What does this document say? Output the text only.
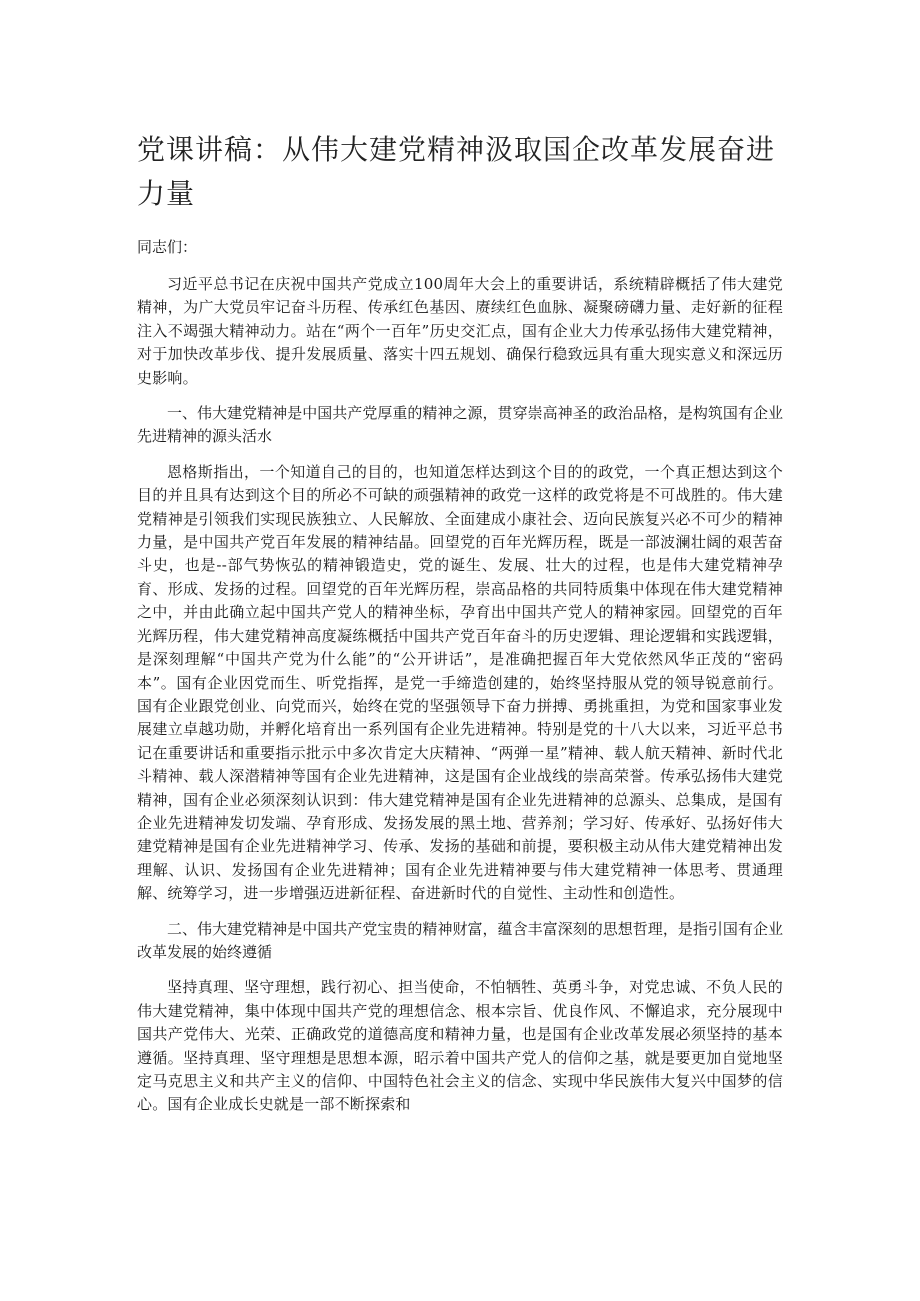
党课讲稿：从伟大建党精神汲取国企改革发展奋进力量

同志们：

习近平总书记在庆祝中国共产党成立100周年大会上的重要讲话，系统精辟概括了伟大建党精神，为广大党员牢记奋斗历程、传承红色基因、赓续红色血脉、凝聚磅礴力量、走好新的征程注入不竭强大精神动力。站在“两个一百年”历史交汇点，国有企业大力传承弘扬伟大建党精神，对于加快改革步伐、提升发展质量、落实十四五规划、确保行稳致远具有重大现实意义和深远历史影响。

一、伟大建党精神是中国共产党厚重的精神之源，贯穿崇高神圣的政治品格，是构筑国有企业先进精神的源头活水

恩格斯指出，一个知道自己的目的，也知道怎样达到这个目的的政党，一个真正想达到这个目的并且具有达到这个目的所必不可缺的顽强精神的政党一这样的政党将是不可战胜的。伟大建党精神是引领我们实现民族独立、人民解放、全面建成小康社会、迈向民族复兴必不可少的精神力量，是中国共产党百年发展的精神结晶。回望党的百年光辉历程，既是一部波澜壮阔的艰苦奋斗史，也是--部气势恢弘的精神锻造史，党的诞生、发展、壮大的过程，也是伟大建党精神孕育、形成、发扬的过程。回望党的百年光辉历程，崇高品格的共同特质集中体现在伟大建党精神之中，并由此确立起中国共产党人的精神坐标，孕育出中国共产党人的精神家园。回望党的百年光辉历程，伟大建党精神高度凝练概括中国共产党百年奋斗的历史逻辑、理论逻辑和实践逻辑，是深刻理解“中国共产党为什么能”的“公开讲话”，是准确把握百年大党依然风华正茂的“密码本”。国有企业因党而生、听党指挥，是党一手缔造创建的，始终坚持服从党的领导锐意前行。国有企业跟党创业、向党而兴，始终在党的坚强领导下奋力拼搏、勇挑重担，为党和国家事业发展建立卓越功勋，并孵化培育出一系列国有企业先进精神。特别是党的十八大以来，习近平总书记在重要讲话和重要指示批示中多次肯定大庆精神、“两弹一星”精神、载人航天精神、新时代北斗精神、载人深潜精神等国有企业先进精神，这是国有企业战线的崇高荣誉。传承弘扬伟大建党精神，国有企业必须深刻认识到：伟大建党精神是国有企业先进精神的总源头、总集成，是国有企业先进精神发切发端、孕育形成、发扬发展的黑土地、营养剂；学习好、传承好、弘扬好伟大建党精神是国有企业先进精神学习、传承、发扬的基础和前提，要积极主动从伟大建党精神出发理解、认识、发扬国有企业先进精神；国有企业先进精神要与伟大建党精神一体思考、贯通理解、统筹学习，进一步增强迈进新征程、奋进新时代的自觉性、主动性和创造性。

二、伟大建党精神是中国共产党宝贵的精神财富，蕴含丰富深刻的思想哲理，是指引国有企业改革发展的始终遵循

坚持真理、坚守理想，践行初心、担当使命，不怕牺牲、英勇斗争，对党忠诚、不负人民的伟大建党精神，集中体现中国共产党的理想信念、根本宗旨、优良作风、不懈追求，充分展现中国共产党伟大、光荣、正确政党的道德高度和精神力量，也是国有企业改革发展必须坚持的基本遵循。坚持真理、坚守理想是思想本源，昭示着中国共产党人的信仰之基，就是要更加自觉地坚定马克思主义和共产主义的信仰、中国特色社会主义的信念、实现中华民族伟大复兴中国梦的信心。国有企业成长史就是一部不断探索和
